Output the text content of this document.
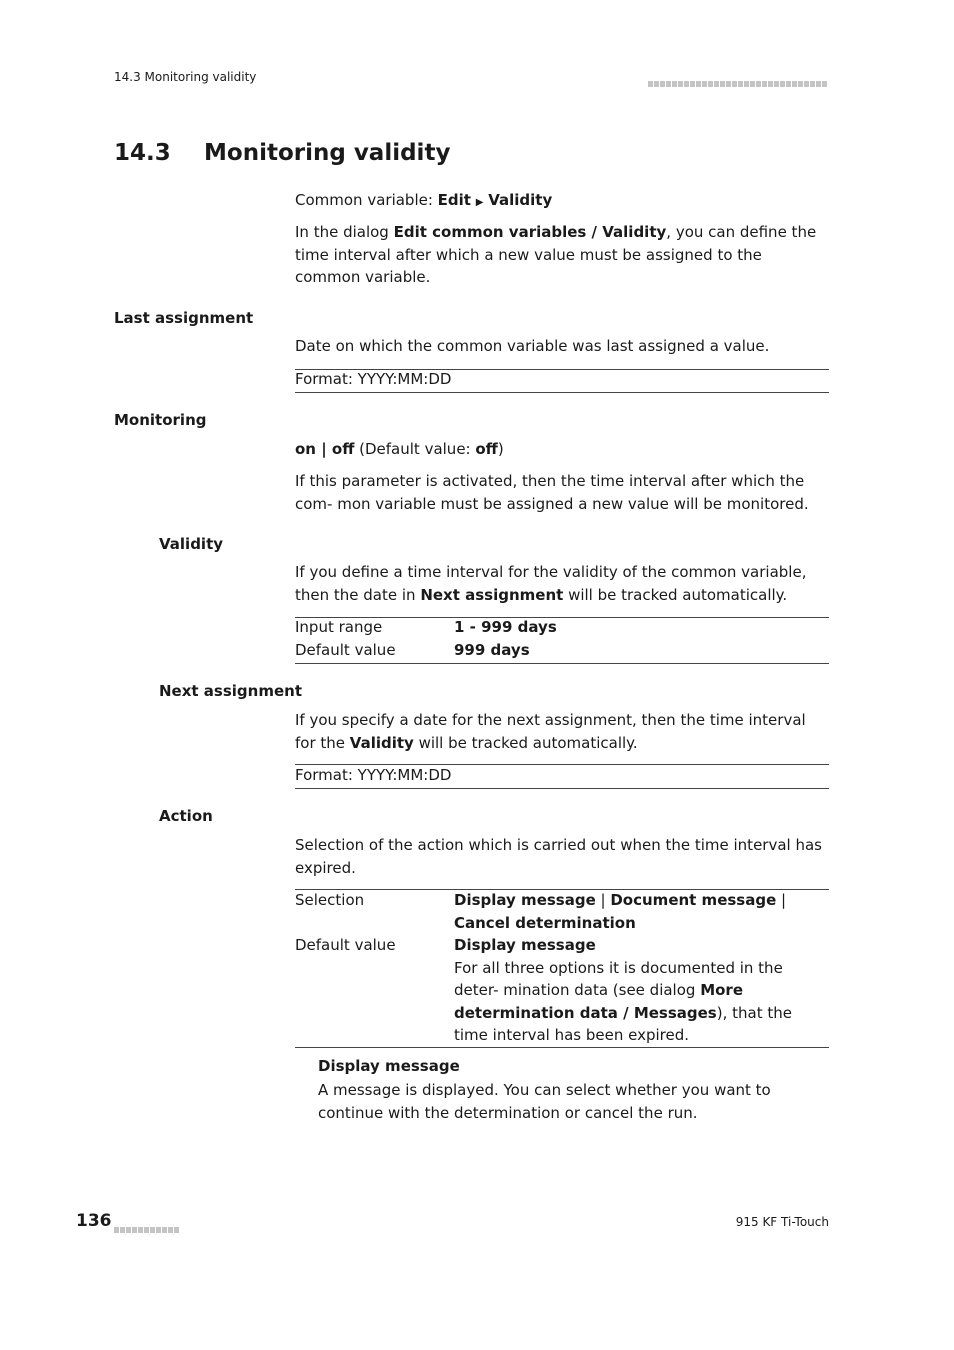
14.3 Monitoring validity
14.3 Monitoring validity
Common variable: Edit ▶ Validity
In the dialog Edit common variables / Validity, you can define the time interval after which a new value must be assigned to the common variable.
Last assignment
Date on which the common variable was last assigned a value.
Format: YYYY:MM:DD
Monitoring
on | off (Default value: off)
If this parameter is activated, then the time interval after which the com- mon variable must be assigned a new value will be monitored.
Validity
If you define a time interval for the validity of the common variable, then the date in Next assignment will be tracked automatically.
Input range	1 - 999 days
Default value	999 days
Next assignment
If you specify a date for the next assignment, then the time interval for the Validity will be tracked automatically.
Format: YYYY:MM:DD
Action
Selection of the action which is carried out when the time interval has expired.
Selection	Display message | Document message | Cancel determination
Default value	Display message
For all three options it is documented in the deter- mination data (see dialog More determination data / Messages), that the time interval has been expired.
Display message
A message is displayed. You can select whether you want to continue with the determination or cancel the run.
136	915 KF Ti-Touch
